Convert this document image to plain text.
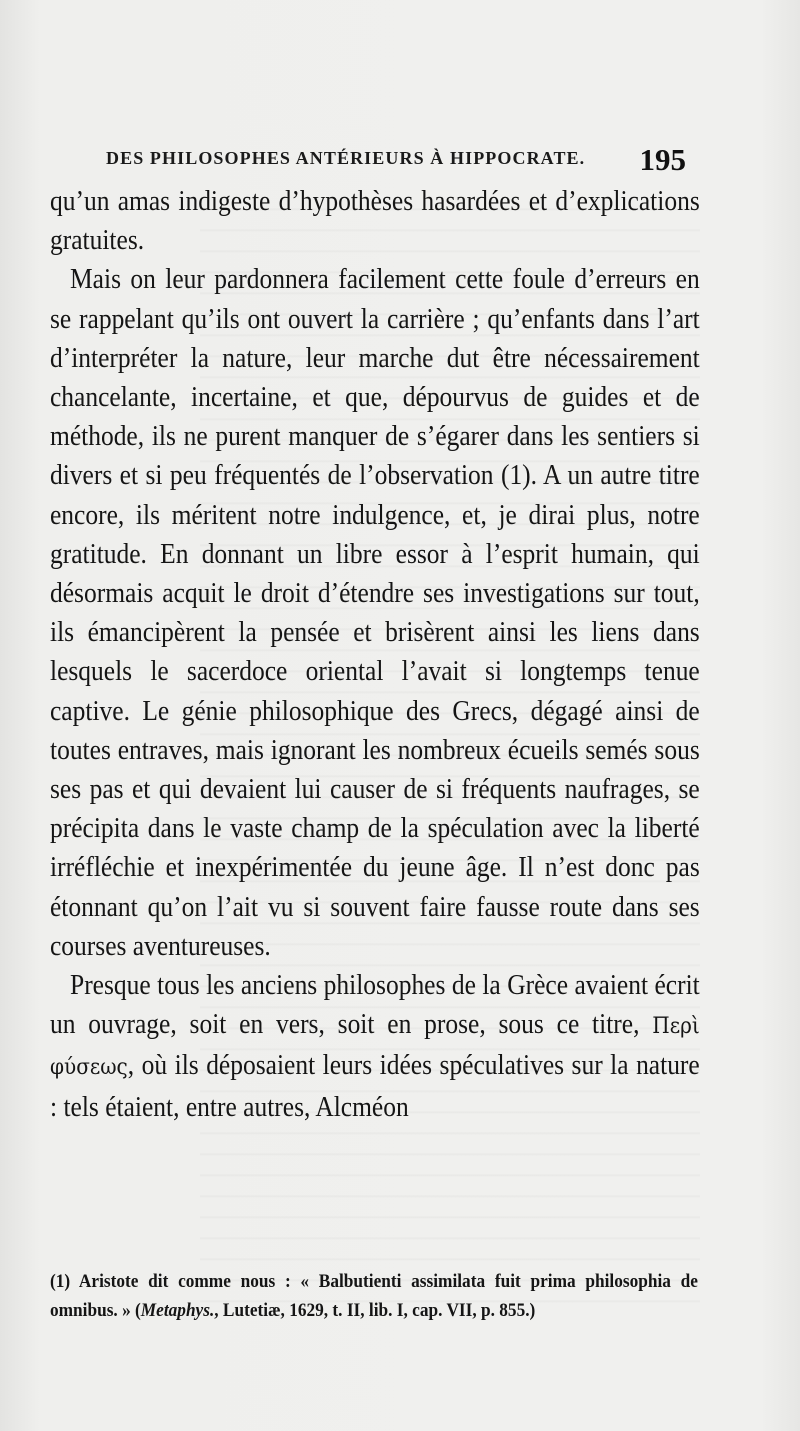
DES PHILOSOPHES ANTÉRIEURS À HIPPOCRATE. 195

qu’un amas indigeste d’hypothèses hasardées et d’explications gratuites.

Mais on leur pardonnera facilement cette foule d’erreurs en se rappelant qu’ils ont ouvert la carrière ; qu’enfants dans l’art d’interpréter la nature, leur marche dut être nécessairement chancelante, incertaine, et que, dépourvus de guides et de méthode, ils ne purent manquer de s’égarer dans les sentiers si divers et si peu fréquentés de l’observation (1). A un autre titre encore, ils méritent notre indulgence, et, je dirai plus, notre gratitude. En donnant un libre essor à l’esprit humain, qui désormais acquit le droit d’étendre ses investigations sur tout, ils émancipèrent la pensée et brisèrent ainsi les liens dans lesquels le sacerdoce oriental l’avait si longtemps tenue captive. Le génie philosophique des Grecs, dégagé ainsi de toutes entraves, mais ignorant les nombreux écueils semés sous ses pas et qui devaient lui causer de si fréquents naufrages, se précipita dans le vaste champ de la spéculation avec la liberté irréfléchie et inexpérimentée du jeune âge. Il n’est donc pas étonnant qu’on l’ait vu si souvent faire fausse route dans ses courses aventureuses.

Presque tous les anciens philosophes de la Grèce avaient écrit un ouvrage, soit en vers, soit en prose, sous ce titre, Περὶ φύσεως, où ils déposaient leurs idées spéculatives sur la nature : tels étaient, entre autres, Alcméon

(1) Aristote dit comme nous : « Balbutienti assimilata fuit prima philosophia de omnibus. » (Metaphys., Lutetiæ, 1629, t. II, lib. I, cap. VII, p. 855.)
